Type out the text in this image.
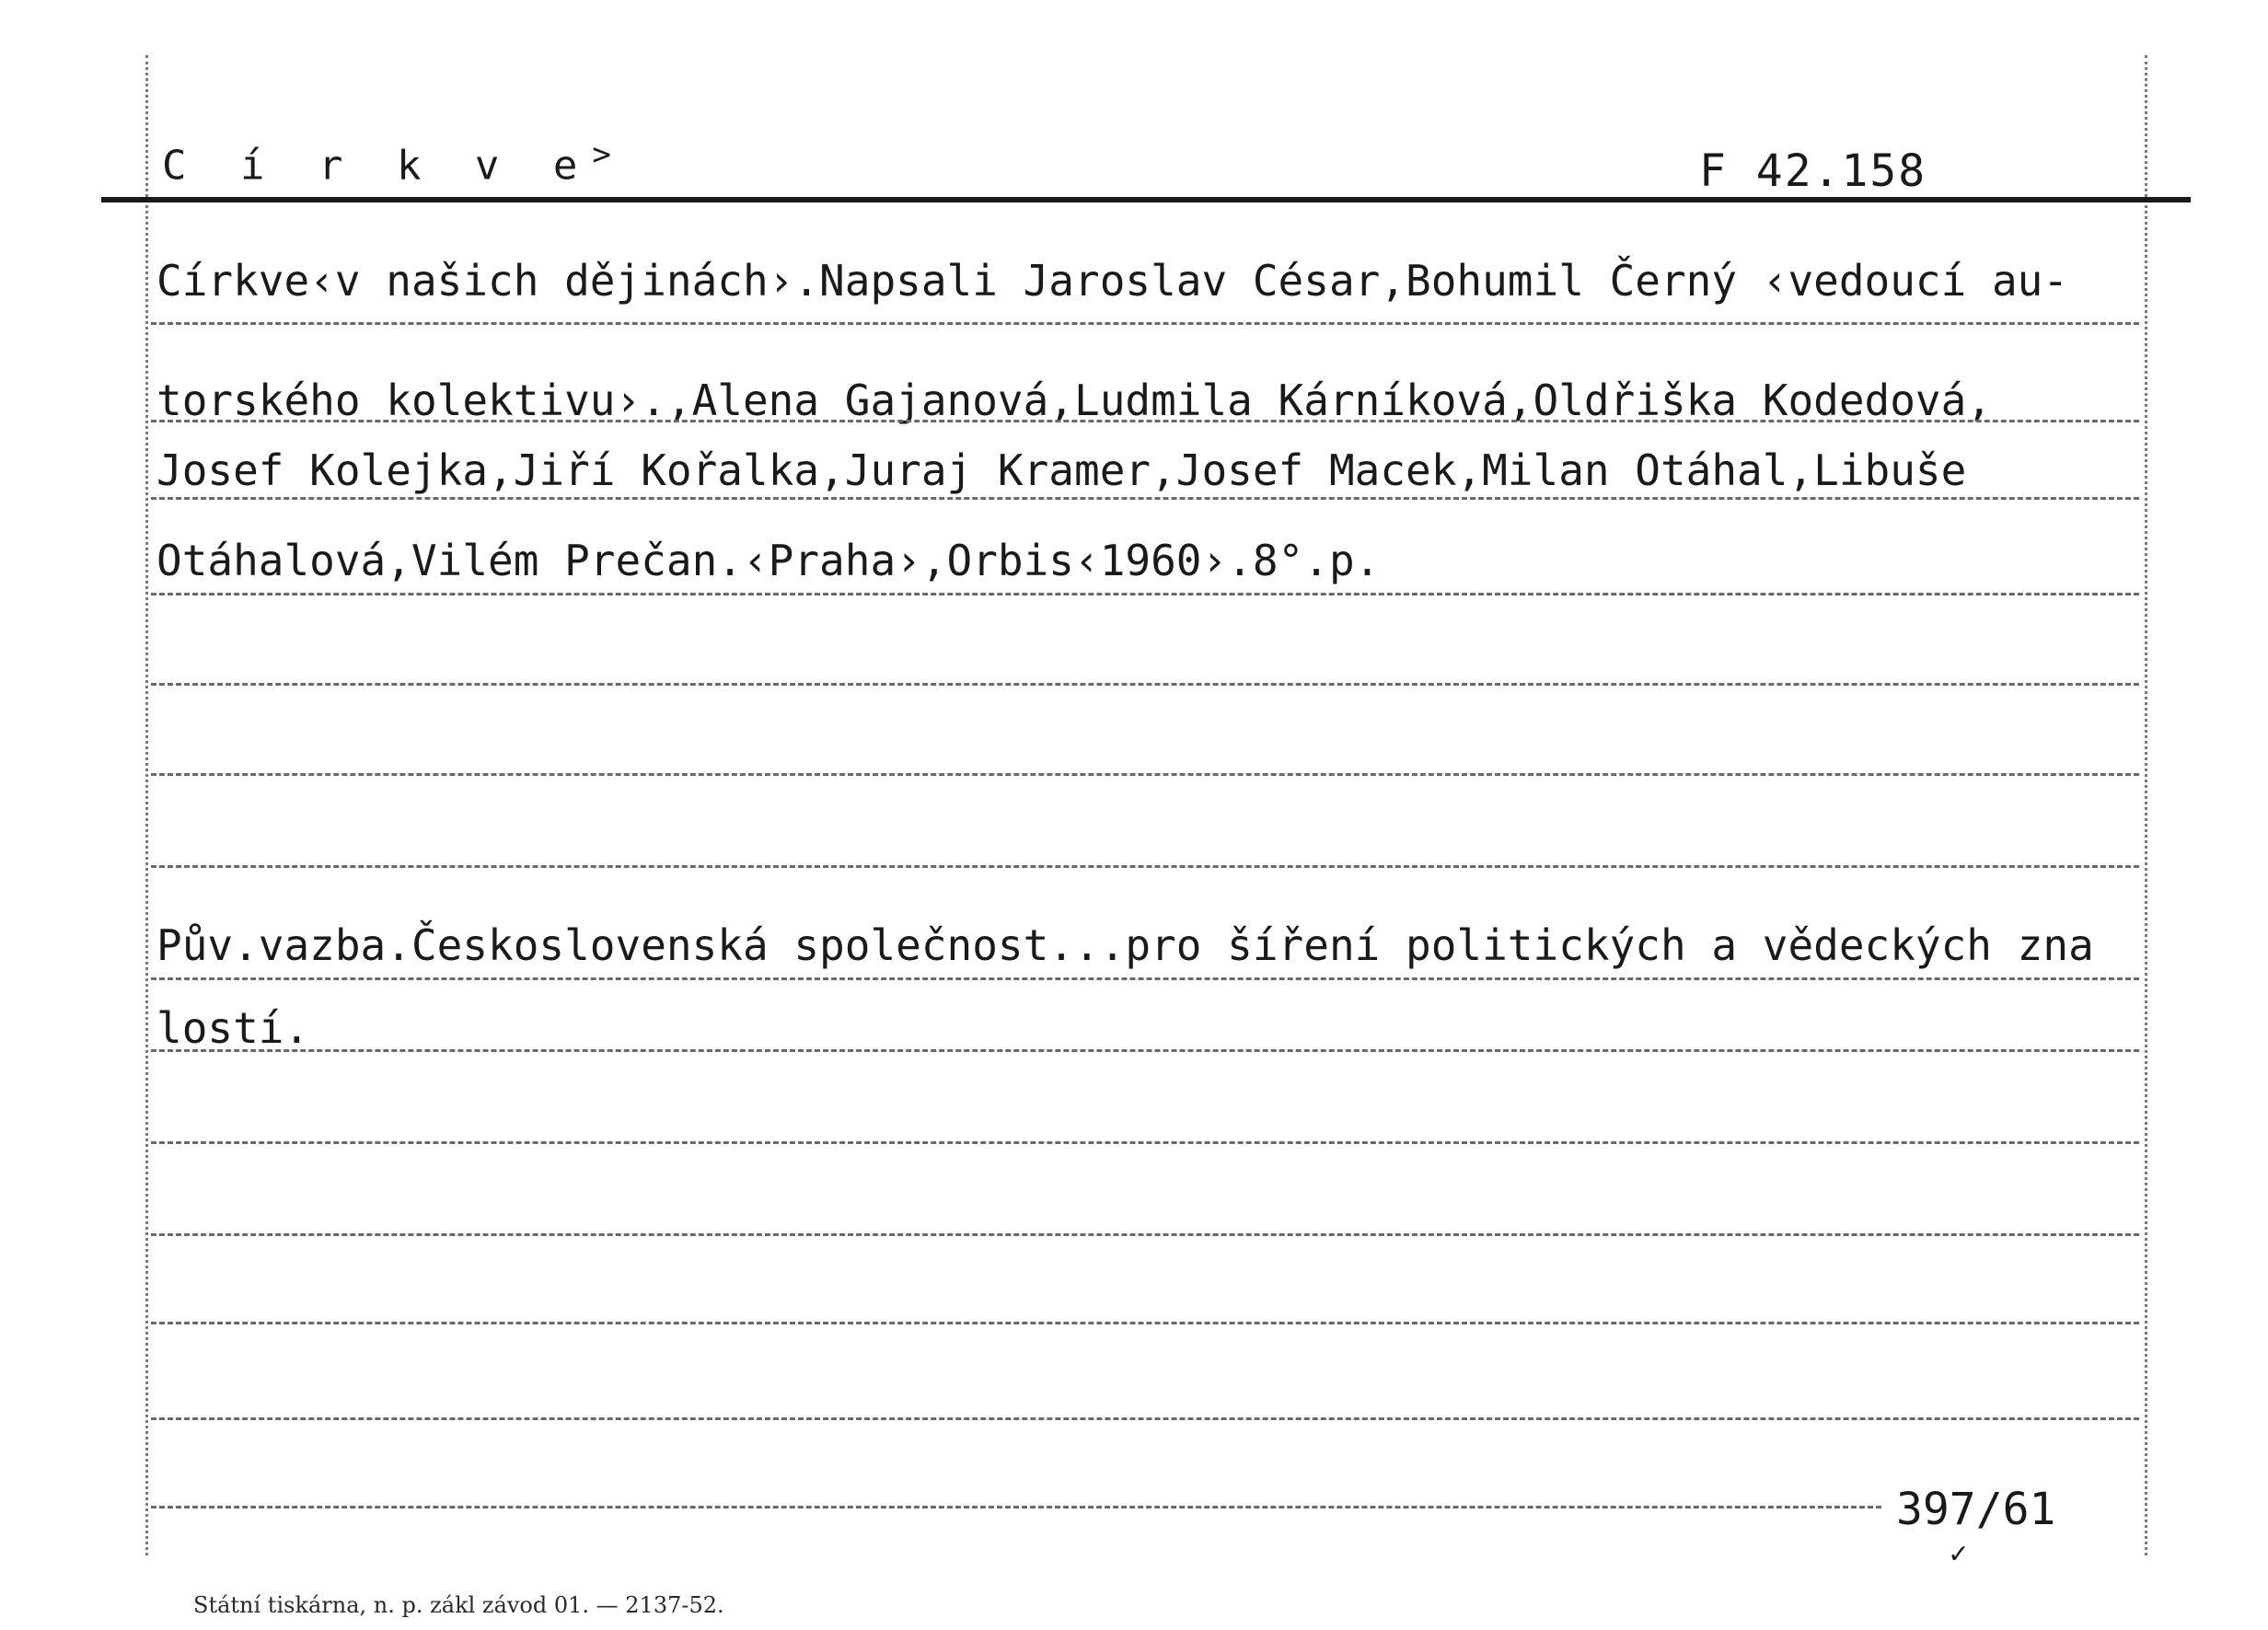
C í r k v e>	F 42.158
Církve‹v našich dějinách›.Napsali Jaroslav César,Bohumil Černý ‹vedoucí au-
torského kolektivu›.,Alena Gajanová,Ludmila Kárníková,Oldřiška Kodedová,
Josef Kolejka,Jiří Kořalka,Juraj Kramer,Josef Macek,Milan Otáhal,Libuše
Otáhalová,Vilém Prečan.‹Praha›,Orbis‹1960›.8°.p.
Pův.vazba.Československá společnost...pro šíření politických a vědeckých zna
lostí.
397/61
✓
Státní tiskárna, n. p. zákl závod 01. — 2137-52.
